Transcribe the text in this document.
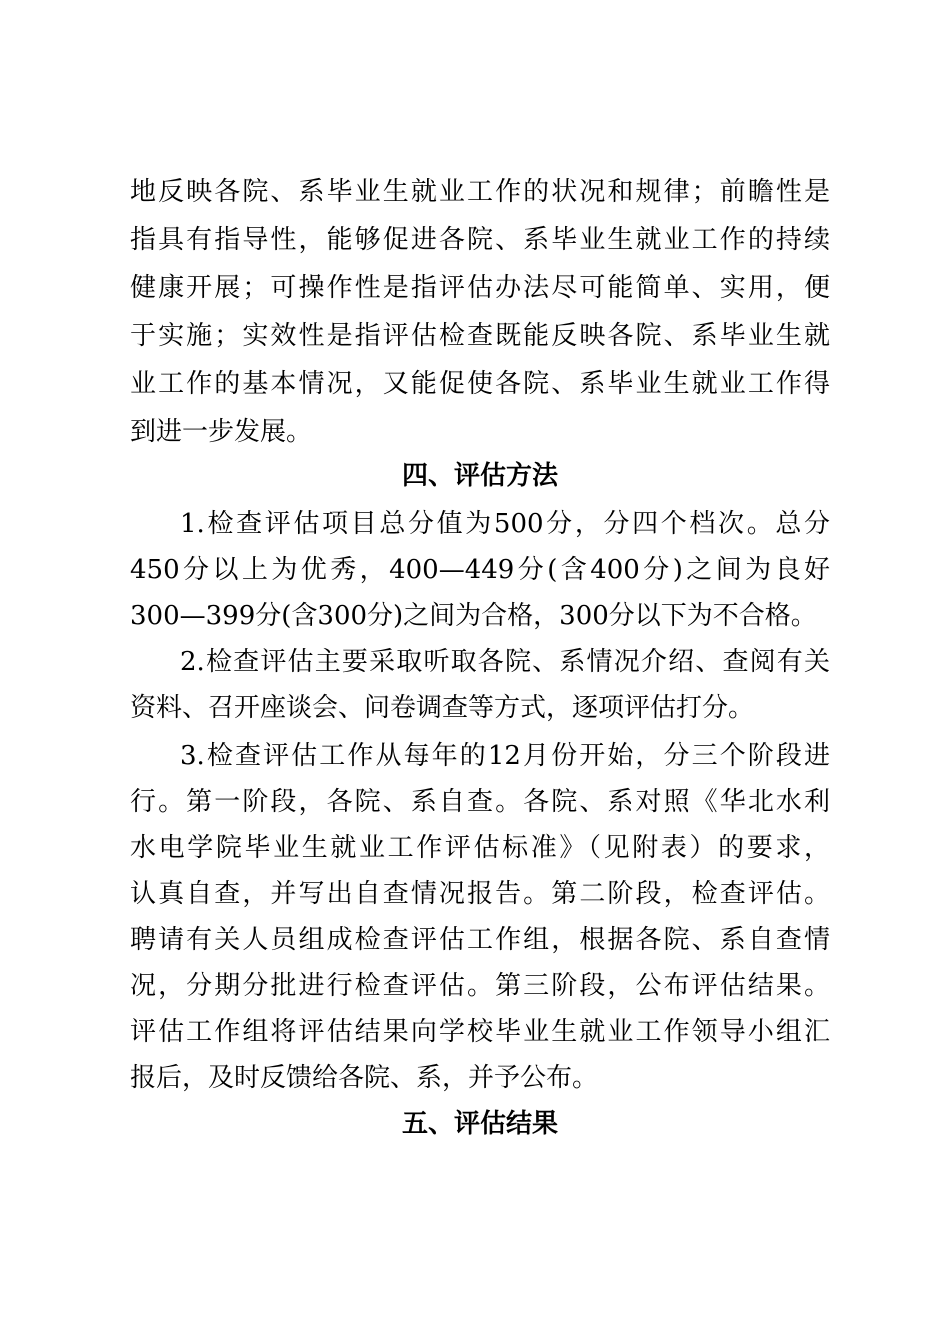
地反映各院、系毕业生就业工作的状况和规律；前瞻性是
指具有指导性，能够促进各院、系毕业生就业工作的持续
健康开展；可操作性是指评估办法尽可能简单、实用，便
于实施；实效性是指评估检查既能反映各院、系毕业生就
业工作的基本情况，又能促使各院、系毕业生就业工作得
到进一步发展。
四、评估方法
1.检查评估项目总分值为500分，分四个档次。总分
450分以上为优秀，400—449分(含400分)之间为良好
300—399分(含300分)之间为合格，300分以下为不合格。
2.检查评估主要采取听取各院、系情况介绍、查阅有关
资料、召开座谈会、问卷调查等方式，逐项评估打分。
3.检查评估工作从每年的12月份开始，分三个阶段进
行。第一阶段，各院、系自查。各院、系对照《华北水利
水电学院毕业生就业工作评估标准》（见附表）的要求，
认真自查，并写出自查情况报告。第二阶段，检查评估。
聘请有关人员组成检查评估工作组，根据各院、系自查情
况，分期分批进行检查评估。第三阶段，公布评估结果。
评估工作组将评估结果向学校毕业生就业工作领导小组汇
报后，及时反馈给各院、系，并予公布。
五、评估结果
